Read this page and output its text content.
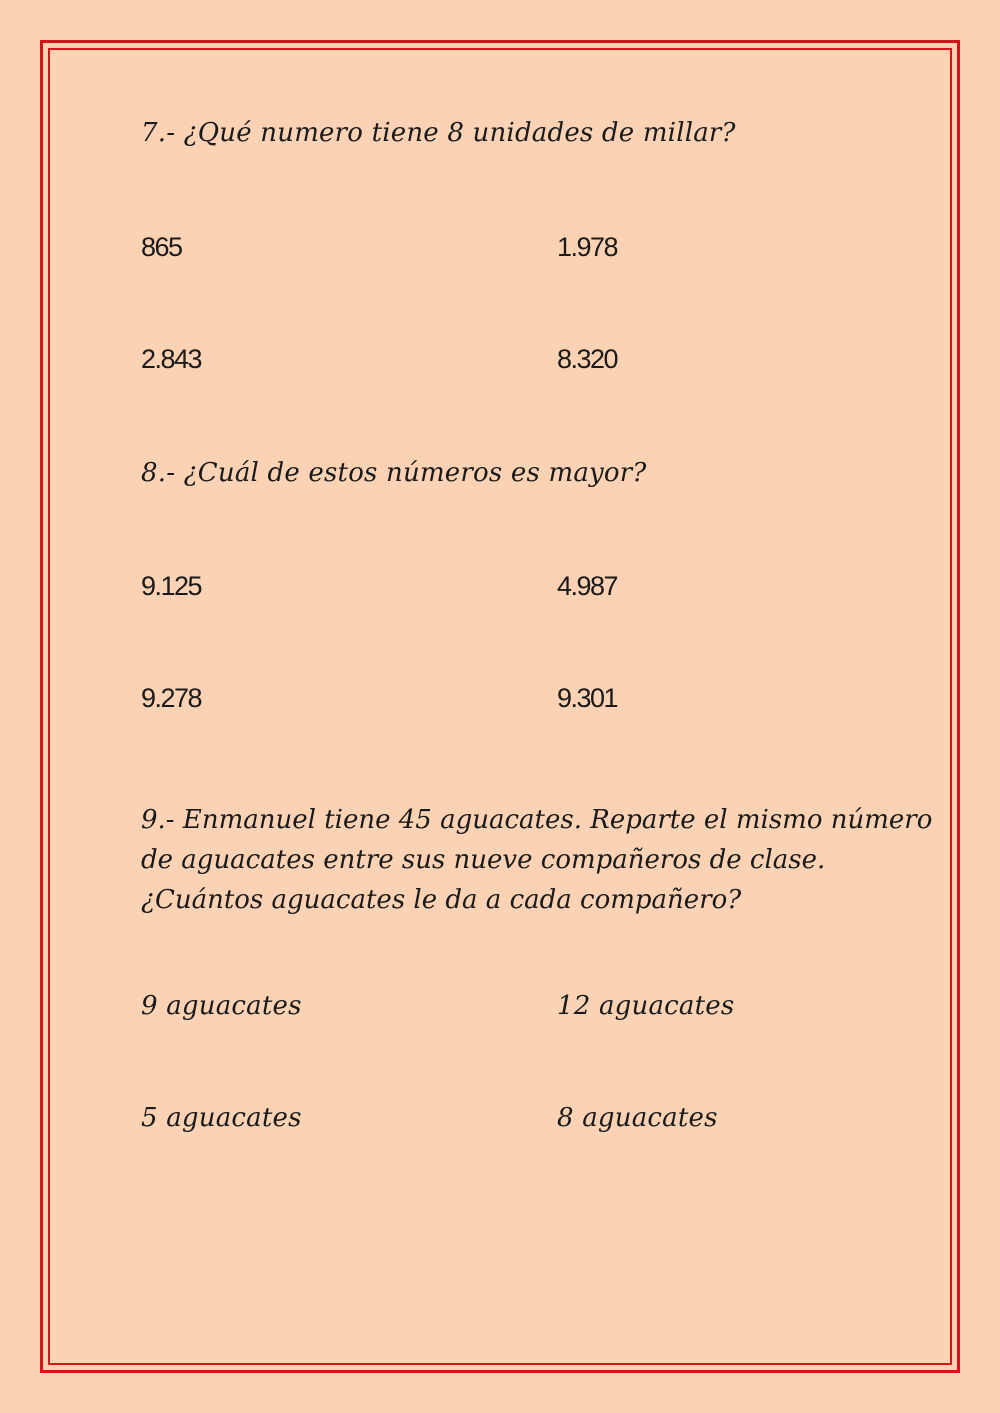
7.- ¿Qué numero tiene 8 unidades de millar?
865	1.978
2.843	8.320
8.- ¿Cuál de estos números es mayor?
9.125	4.987
9.278	9.301
9.- Enmanuel tiene 45 aguacates. Reparte el mismo número
de aguacates entre sus nueve compañeros de clase.
¿Cuántos aguacates le da a cada compañero?
9 aguacates	12 aguacates
5 aguacates	8 aguacates
